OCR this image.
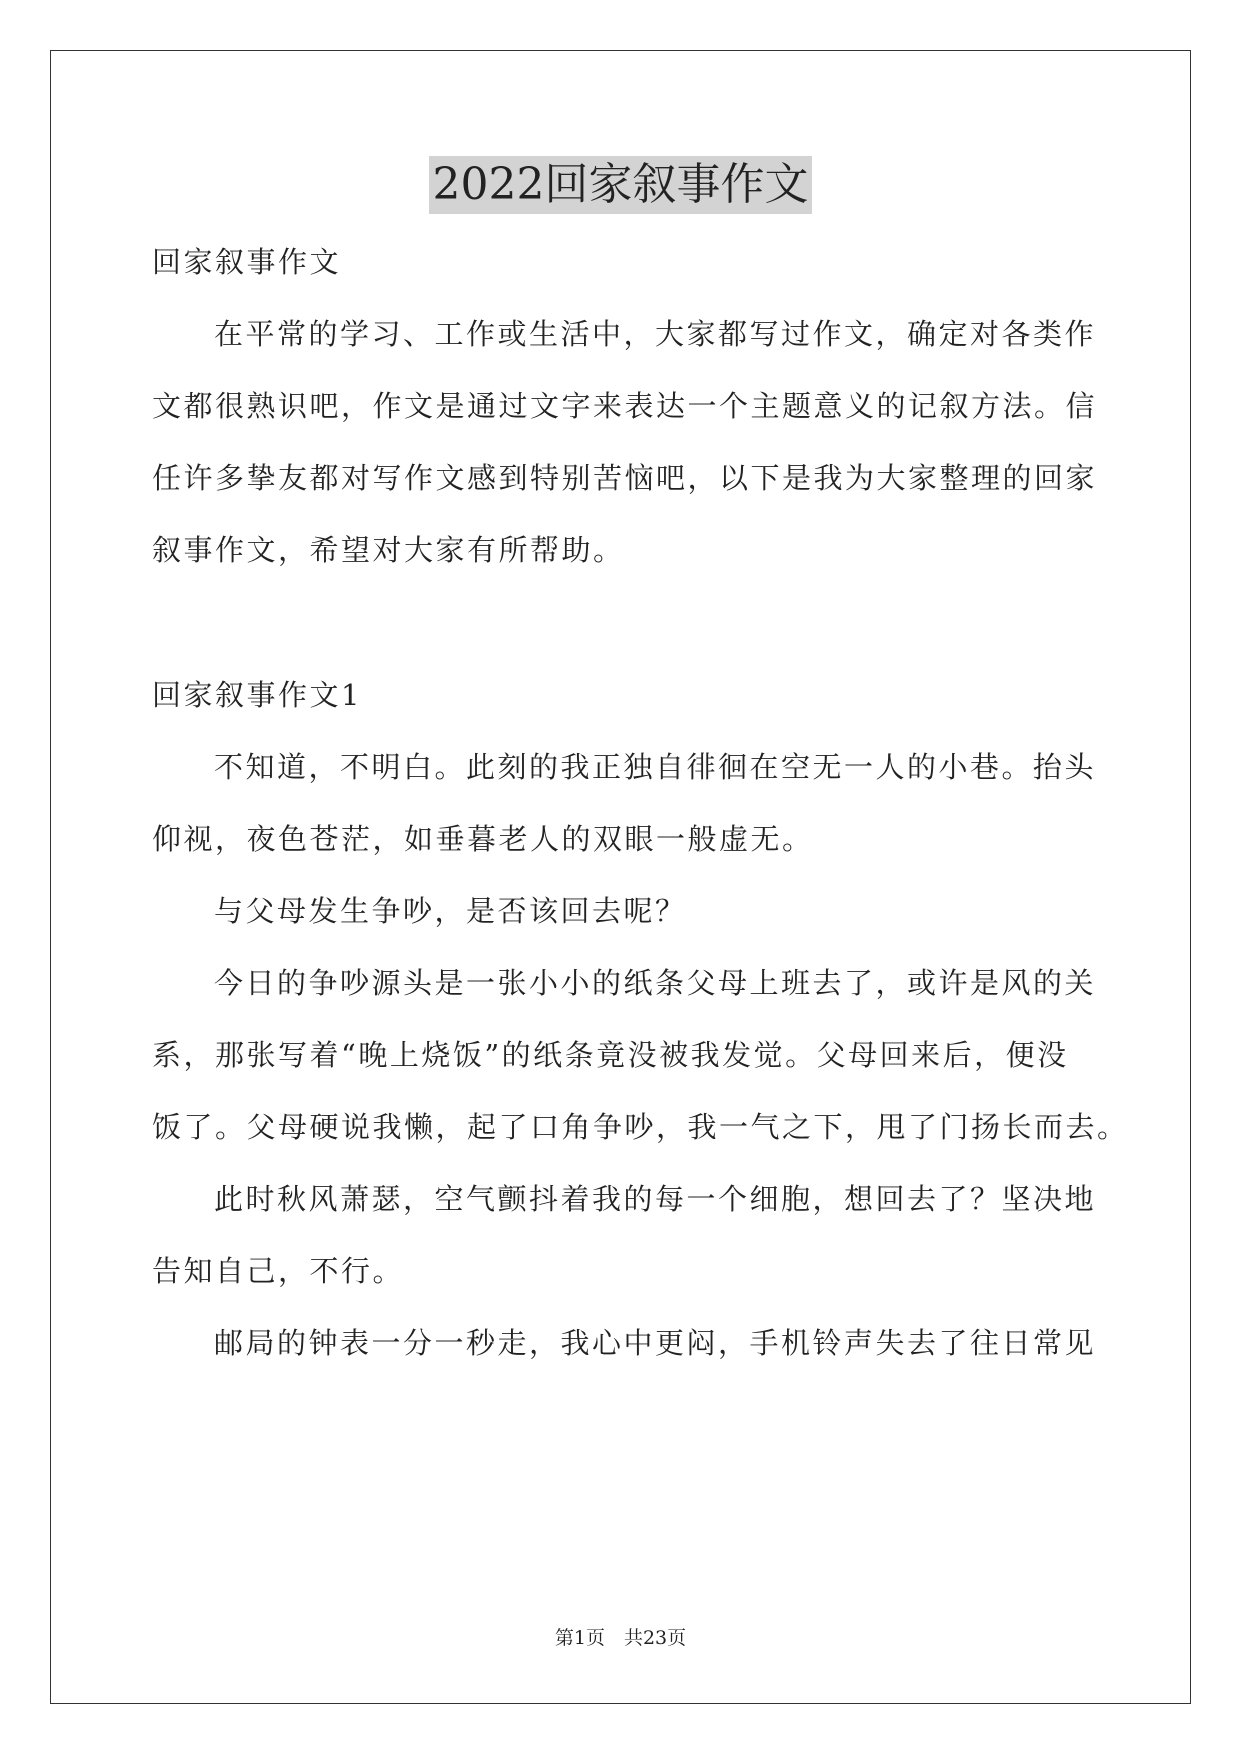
2022回家叙事作文
回家叙事作文
在平常的学习、工作或生活中，大家都写过作文，确定对各类作
文都很熟识吧，作文是通过文字来表达一个主题意义的记叙方法。信
任许多挚友都对写作文感到特别苦恼吧，以下是我为大家整理的回家
叙事作文，希望对大家有所帮助。
回家叙事作文1
不知道，不明白。此刻的我正独自徘徊在空无一人的小巷。抬头
仰视，夜色苍茫，如垂暮老人的双眼一般虚无。
与父母发生争吵，是否该回去呢？
今日的争吵源头是一张小小的纸条父母上班去了，或许是风的关
系，那张写着“晚上烧饭”的纸条竟没被我发觉。父母回来后，便没
饭了。父母硬说我懒，起了口角争吵，我一气之下，甩了门扬长而去。
此时秋风萧瑟，空气颤抖着我的每一个细胞，想回去了？坚决地
告知自己，不行。
邮局的钟表一分一秒走，我心中更闷，手机铃声失去了往日常见
第1页　共23页
